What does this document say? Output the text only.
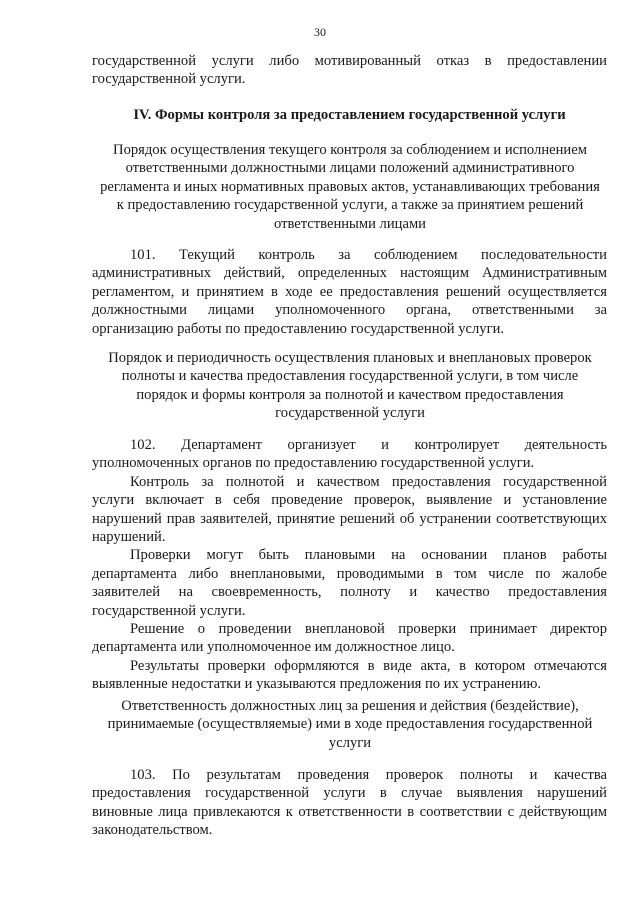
30

государственной услуги либо мотивированный отказ в предоставлении

государственной услуги.

IV. Формы контроля за предоставлением государственной услуги

Порядок осуществления текущего контроля за соблюдением и исполнением

ответственными должностными лицами положений административного

регламента и иных нормативных правовых актов, устанавливающих требования

к предоставлению государственной услуги, а также за принятием решений

ответственными лицами

101. Текущий контроль за соблюдением последовательности

административных действий, определенных настоящим Административным

регламентом, и принятием в ходе ее предоставления решений осуществляется

должностными лицами уполномоченного органа, ответственными за

организацию работы по предоставлению государственной услуги.

Порядок и периодичность осуществления плановых и внеплановых проверок

полноты и качества предоставления государственной услуги, в том числе

порядок и формы контроля за полнотой и качеством предоставления

государственной услуги

102. Департамент организует и контролирует деятельность

уполномоченных органов по предоставлению государственной услуги.

Контроль за полнотой и качеством предоставления государственной

услуги включает в себя проведение проверок, выявление и установление

нарушений прав заявителей, принятие решений об устранении соответствующих

нарушений.

Проверки могут быть плановыми на основании планов работы

департамента либо внеплановыми, проводимыми в том числе по жалобе

заявителей на своевременность, полноту и качество предоставления

государственной услуги.

Решение о проведении внеплановой проверки принимает директор

департамента или уполномоченное им должностное лицо.

Результаты проверки оформляются в виде акта, в котором отмечаются

выявленные недостатки и указываются предложения по их устранению.

Ответственность должностных лиц за решения и действия (бездействие),

принимаемые (осуществляемые) ими в ходе предоставления государственной

услуги

103. По результатам проведения проверок полноты и качества

предоставления государственной услуги в случае выявления нарушений

виновные лица привлекаются к ответственности в соответствии с действующим

законодательством.
